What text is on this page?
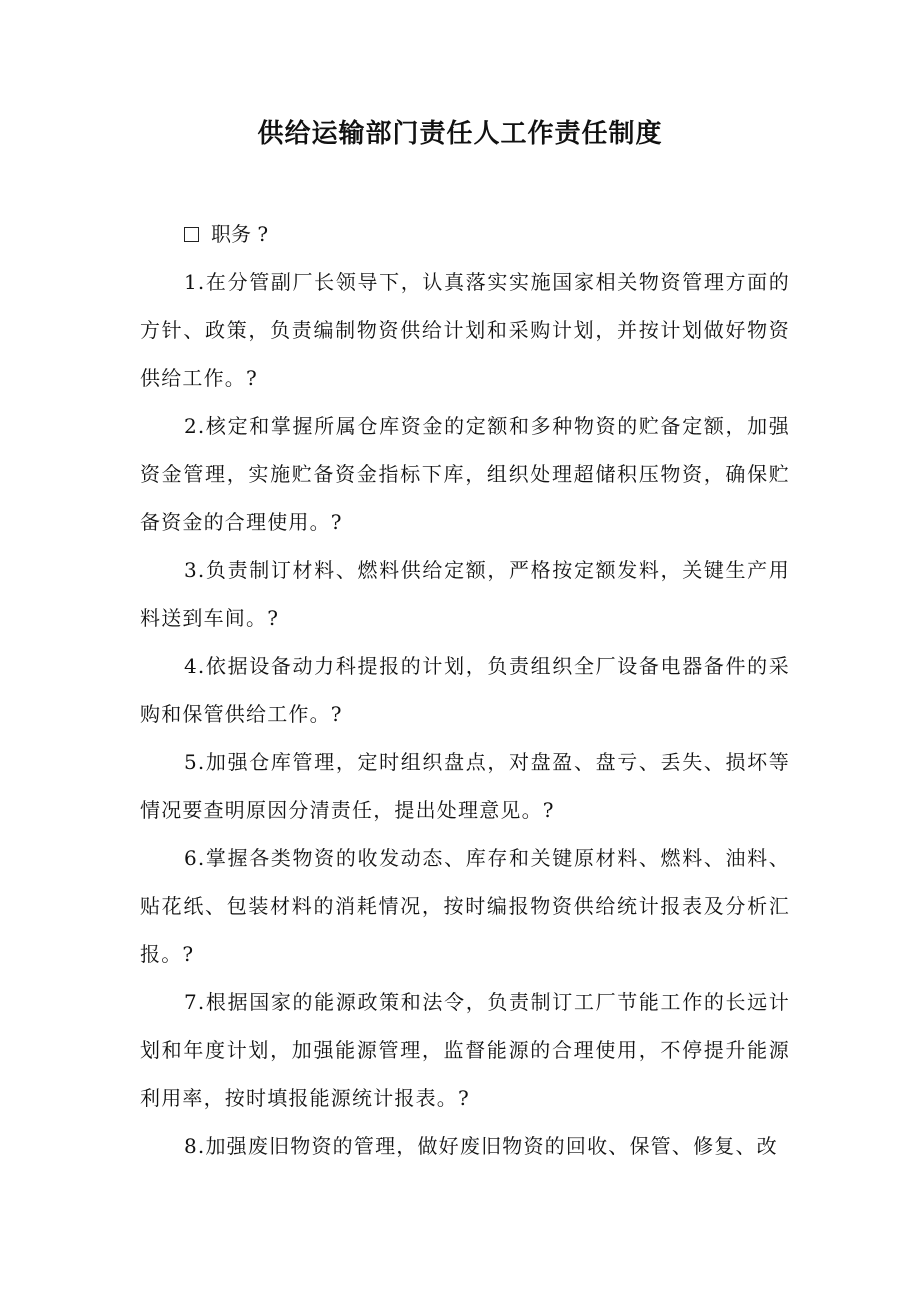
供给运输部门责任人工作责任制度
职务 ?

1.在分管副厂长领导下，认真落实实施国家相关物资管理方面的方针、政策，负责编制物资供给计划和采购计划，并按计划做好物资供给工作。?

2.核定和掌握所属仓库资金的定额和多种物资的贮备定额，加强资金管理，实施贮备资金指标下库，组织处理超储积压物资，确保贮备资金的合理使用。?

3.负责制订材料、燃料供给定额，严格按定额发料，关键生产用料送到车间。?

4.依据设备动力科提报的计划，负责组织全厂设备电器备件的采购和保管供给工作。?

5.加强仓库管理，定时组织盘点，对盘盈、盘亏、丢失、损坏等情况要查明原因分清责任，提出处理意见。?

6.掌握各类物资的收发动态、库存和关键原材料、燃料、油料、贴花纸、包装材料的消耗情况，按时编报物资供给统计报表及分析汇报。?

7.根据国家的能源政策和法令，负责制订工厂节能工作的长远计划和年度计划，加强能源管理，监督能源的合理使用，不停提升能源利用率，按时填报能源统计报表。?

8.加强废旧物资的管理，做好废旧物资的回收、保管、修复、改
